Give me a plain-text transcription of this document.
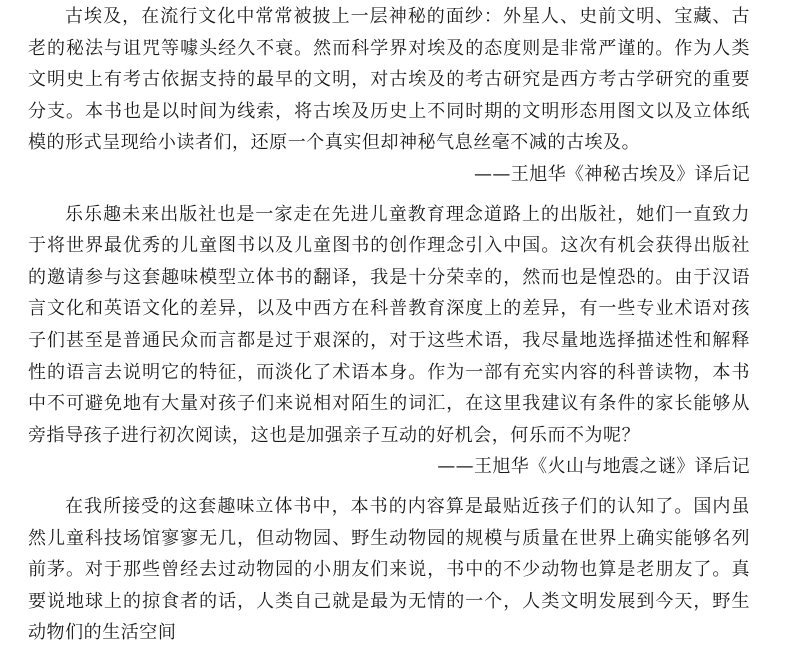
古埃及，在流行文化中常常被披上一层神秘的面纱：外星人、史前文明、宝藏、古老的秘法与诅咒等噱头经久不衰。然而科学界对埃及的态度则是非常严谨的。作为人类文明史上有考古依据支持的最早的文明，对古埃及的考古研究是西方考古学研究的重要分支。本书也是以时间为线索，将古埃及历史上不同时期的文明形态用图文以及立体纸模的形式呈现给小读者们，还原一个真实但却神秘气息丝毫不减的古埃及。

——王旭华《神秘古埃及》译后记

乐乐趣未来出版社也是一家走在先进儿童教育理念道路上的出版社，她们一直致力于将世界最优秀的儿童图书以及儿童图书的创作理念引入中国。这次有机会获得出版社的邀请参与这套趣味模型立体书的翻译，我是十分荣幸的，然而也是惶恐的。由于汉语言文化和英语文化的差异，以及中西方在科普教育深度上的差异，有一些专业术语对孩子们甚至是普通民众而言都是过于艰深的，对于这些术语，我尽量地选择描述性和解释性的语言去说明它的特征，而淡化了术语本身。作为一部有充实内容的科普读物，本书中不可避免地有大量对孩子们来说相对陌生的词汇，在这里我建议有条件的家长能够从旁指导孩子进行初次阅读，这也是加强亲子互动的好机会，何乐而不为呢？

——王旭华《火山与地震之谜》译后记

在我所接受的这套趣味立体书中，本书的内容算是最贴近孩子们的认知了。国内虽然儿童科技场馆寥寥无几，但动物园、野生动物园的规模与质量在世界上确实能够名列前茅。对于那些曾经去过动物园的小朋友们来说，书中的不少动物也算是老朋友了。真要说地球上的掠食者的话，人类自己就是最为无情的一个，人类文明发展到今天，野生动物们的生活空间
